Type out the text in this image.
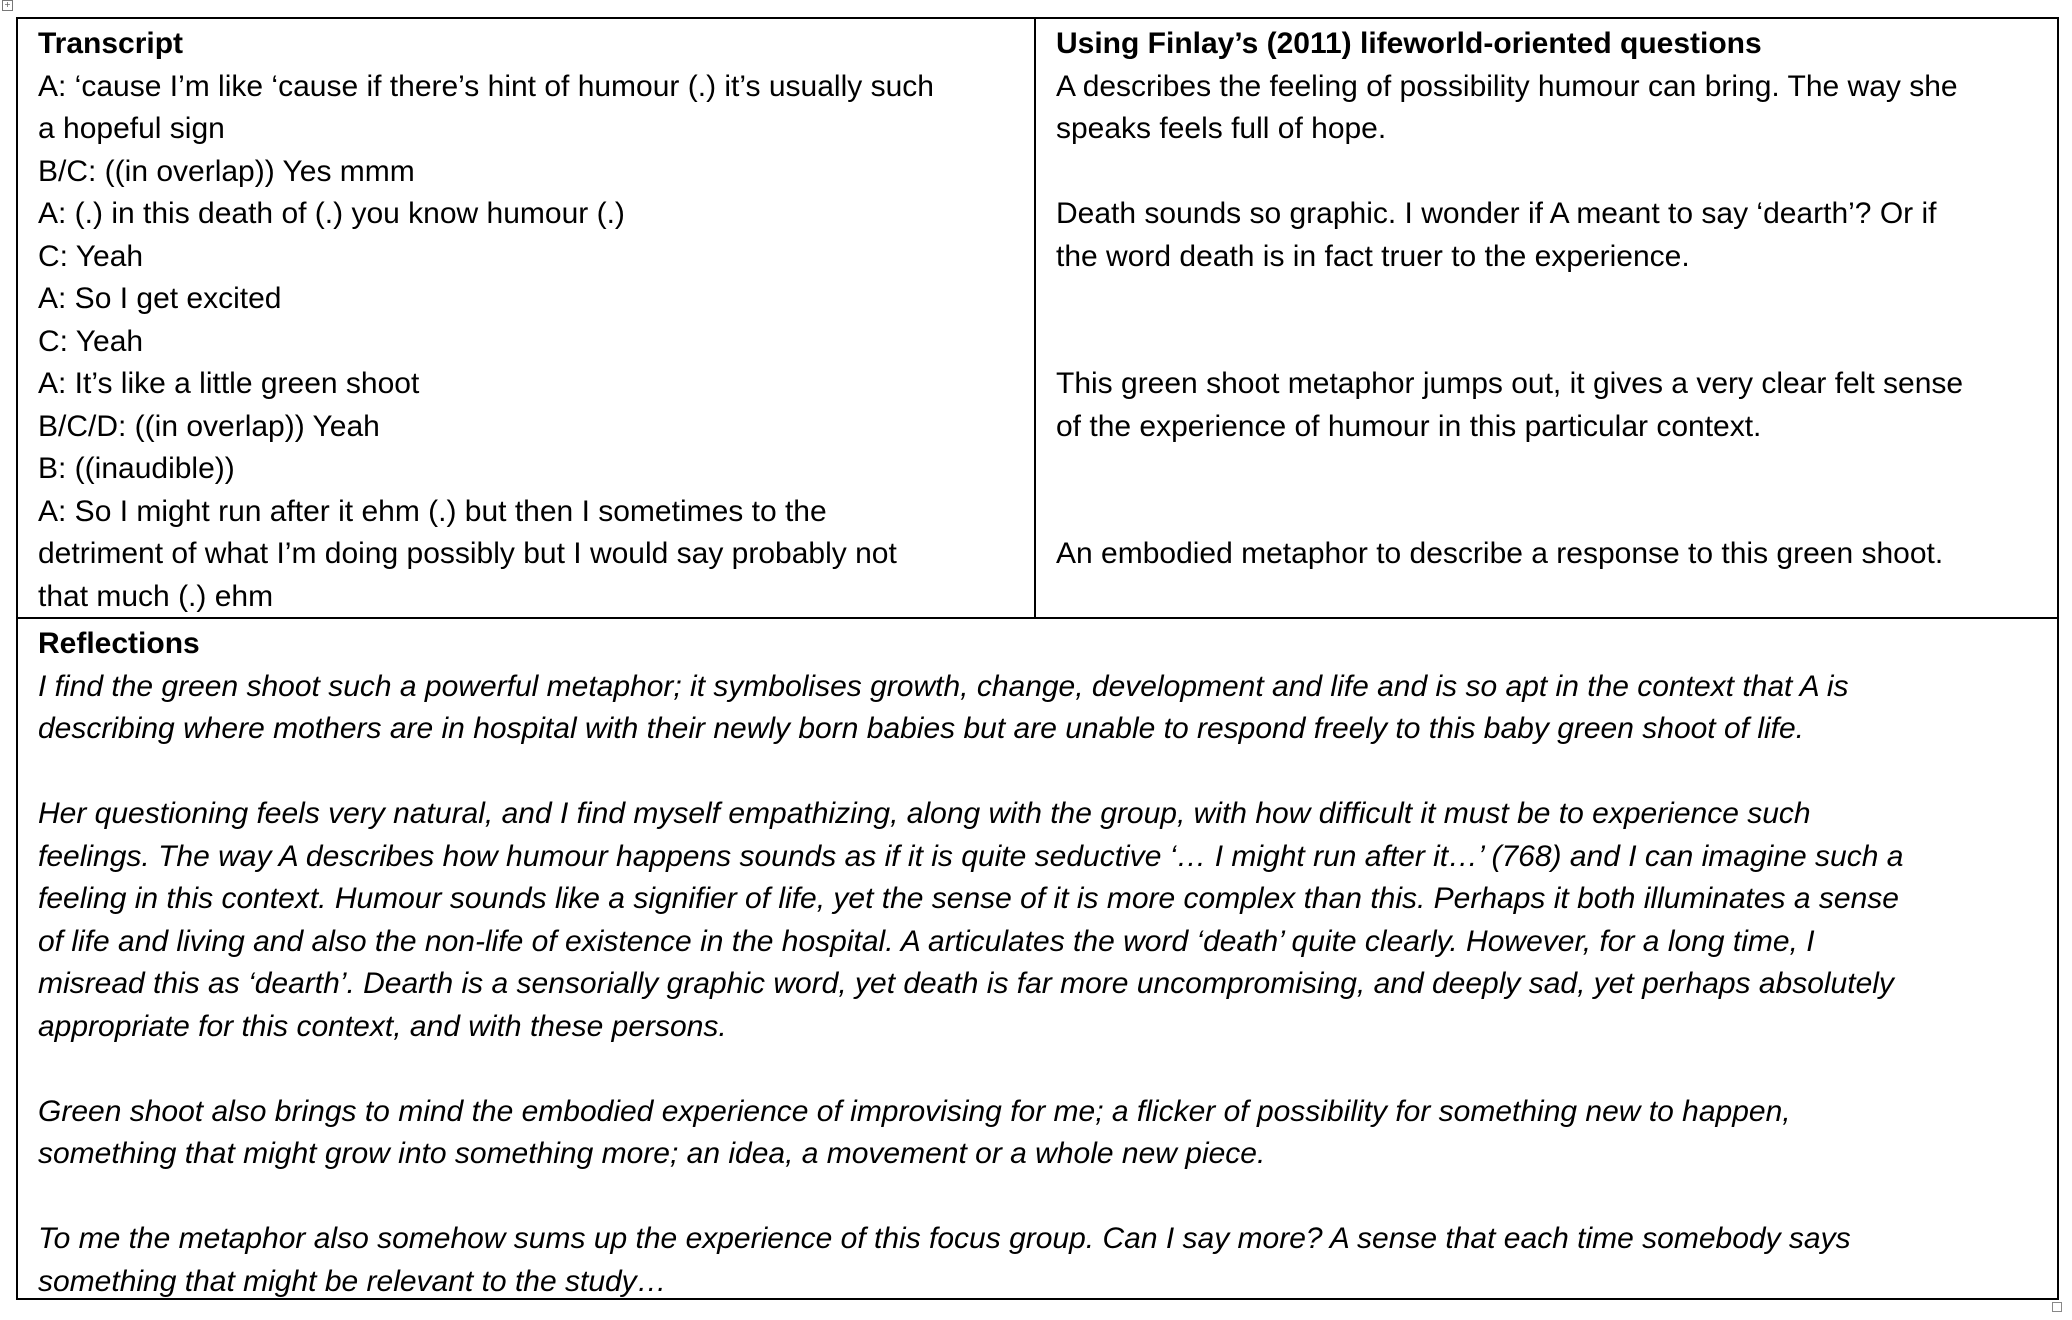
+
Transcript
A: ‘cause I’m like ‘cause if there’s hint of humour (.) it’s usually such
a hopeful sign
B/C: ((in overlap)) Yes mmm
A: (.) in this death of (.) you know humour (.)
C: Yeah
A: So I get excited
C: Yeah
A: It’s like a little green shoot
B/C/D: ((in overlap)) Yeah
B: ((inaudible))
A: So I might run after it ehm (.) but then I sometimes to the
detriment of what I’m doing possibly but I would say probably not
that much (.) ehm
Using Finlay’s (2011) lifeworld-oriented questions
A describes the feeling of possibility humour can bring. The way she
speaks feels full of hope.
Death sounds so graphic. I wonder if A meant to say ‘dearth’? Or if
the word death is in fact truer to the experience.
This green shoot metaphor jumps out, it gives a very clear felt sense
of the experience of humour in this particular context.
An embodied metaphor to describe a response to this green shoot.
Reflections
I find the green shoot such a powerful metaphor; it symbolises growth, change, development and life and is so apt in the context that A is
describing where mothers are in hospital with their newly born babies but are unable to respond freely to this baby green shoot of life.
Her questioning feels very natural, and I find myself empathizing, along with the group, with how difficult it must be to experience such
feelings. The way A describes how humour happens sounds as if it is quite seductive ‘… I might run after it…’ (768) and I can imagine such a
feeling in this context. Humour sounds like a signifier of life, yet the sense of it is more complex than this. Perhaps it both illuminates a sense
of life and living and also the non-life of existence in the hospital. A articulates the word ‘death’ quite clearly. However, for a long time, I
misread this as ‘dearth’. Dearth is a sensorially graphic word, yet death is far more uncompromising, and deeply sad, yet perhaps absolutely
appropriate for this context, and with these persons.
Green shoot also brings to mind the embodied experience of improvising for me; a flicker of possibility for something new to happen,
something that might grow into something more; an idea, a movement or a whole new piece.
To me the metaphor also somehow sums up the experience of this focus group. Can I say more? A sense that each time somebody says
something that might be relevant to the study…
